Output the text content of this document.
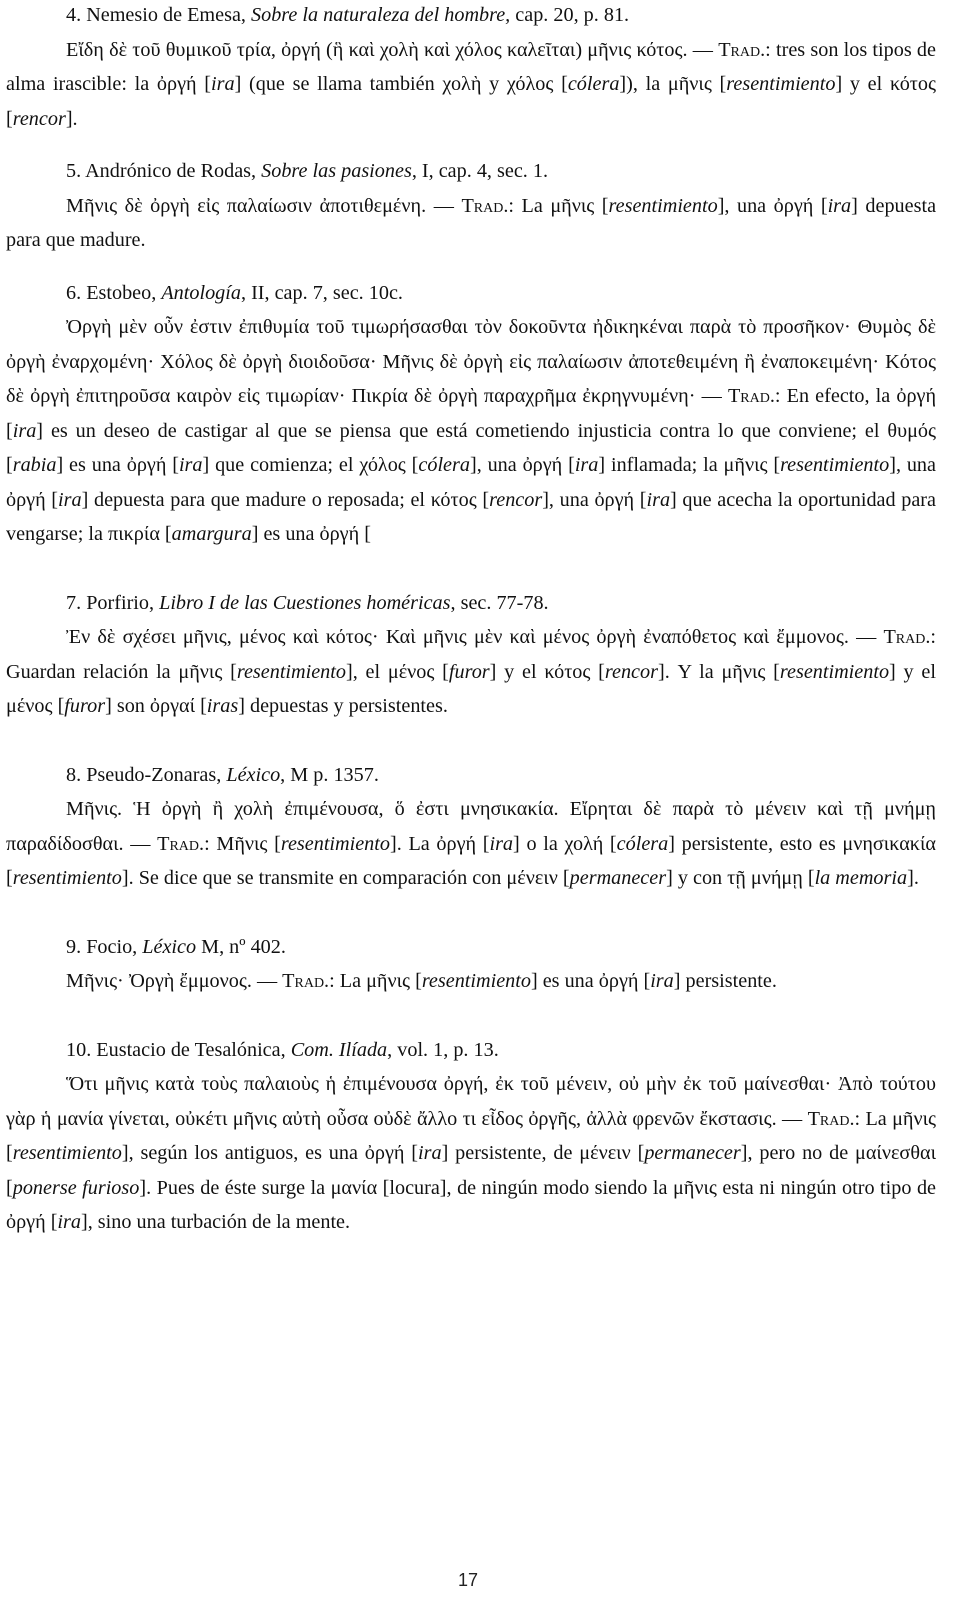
4. Nemesio de Emesa, Sobre la naturaleza del hombre, cap. 20, p. 81.
Εἴδη δὲ τοῦ θυμικοῦ τρία, ὀργή (ἣ καὶ χολὴ καὶ χόλος καλεῖται) μῆνις κότος. — Trad.: tres son los tipos de alma irascible: la ὀργή [ira] (que se llama también χολὴ y χόλος [cólera]), la μῆνις [resentimiento] y el κότος [rencor].
5. Andrónico de Rodas, Sobre las pasiones, I, cap. 4, sec. 1.
Μῆνις δὲ ὀργὴ εἰς παλαίωσιν ἀποτιθεμένη. — Trad.: La μῆνις [resentimiento], una ὀργή [ira] depuesta para que madure.
6. Estobeo, Antología, II, cap. 7, sec. 10c.
Ὀργὴ μὲν οὖν ἐστιν ἐπιθυμία τοῦ τιμωρήσασθαι τὸν δοκοῦντα ἠδικηκέναι παρὰ τὸ προσῆκον· Θυμὸς δὲ ὀργὴ ἐναρχομένη· Χόλος δὲ ὀργὴ διοιδοῦσα· Μῆνις δὲ ὀργὴ εἰς παλαίωσιν ἀποτεθειμένη ἢ ἐναποκειμένη· Κότος δὲ ὀργὴ ἐπιτηροῦσα καιρὸν εἰς τιμωρίαν· Πικρία δὲ ὀργὴ παραχρῆμα ἐκρηγνυμένη· — Trad.: En efecto, la ὀργή [ira] es un deseo de castigar al que se piensa que está cometiendo injusticia contra lo que conviene; el θυμός [rabia] es una ὀργή [ira] que comienza; el χόλος [cólera], una ὀργή [ira] inflamada; la μῆνις [resentimiento], una ὀργή [ira] depuesta para que madure o reposada; el κότος [rencor], una ὀργή [ira] que acecha la oportunidad para vengarse; la πικρία [amargura] es una ὀργή [
7. Porfirio, Libro I de las Cuestiones homéricas, sec. 77-78.
Ἐν δὲ σχέσει μῆνις, μένος καὶ κότος· Καὶ μῆνις μὲν καὶ μένος ὀργὴ ἐναπόθετος καὶ ἔμμονος. — Trad.: Guardan relación la μῆνις [resentimiento], el μένος [furor] y el κότος [rencor]. Y la μῆνις [resentimiento] y el μένος [furor] son ὀργαί [iras] depuestas y persistentes.
8. Pseudo-Zonaras, Léxico, M p. 1357.
Μῆνις. Ἡ ὀργὴ ἢ χολὴ ἐπιμένουσα, ὅ ἐστι μνησικακία. Εἴρηται δὲ παρὰ τὸ μένειν καὶ τῇ μνήμῃ παραδίδοσθαι. — Trad.: Μῆνις [resentimiento]. La ὀργή [ira] o la χολή [cólera] persistente, esto es μνησικακία [resentimiento]. Se dice que se transmite en comparación con μένειν [permanecer] y con τῇ μνήμῃ [la memoria].
9. Focio, Léxico M, nº 402.
Μῆνις· Ὀργὴ ἔμμονος. — Trad.: La μῆνις [resentimiento] es una ὀργή [ira] persistente.
10. Eustacio de Tesalónica, Com. Ilíada, vol. 1, p. 13.
Ὅτι μῆνις κατὰ τοὺς παλαιοὺς ἡ ἐπιμένουσα ὀργή, ἐκ τοῦ μένειν, οὐ μὴν ἐκ τοῦ μαίνεσθαι· Ἀπὸ τούτου γὰρ ἡ μανία γίνεται, οὐκέτι μῆνις αὐτὴ οὖσα οὐδὲ ἄλλο τι εἶδος ὀργῆς, ἀλλὰ φρενῶν ἔκστασις. — Trad.: La μῆνις [resentimiento], según los antiguos, es una ὀργή [ira] persistente, de μένειν [permanecer], pero no de μαίνεσθαι [ponerse furioso]. Pues de éste surge la μανία [locura], de ningún modo siendo la μῆνις esta ni ningún otro tipo de ὀργή [ira], sino una turbación de la mente.
17
